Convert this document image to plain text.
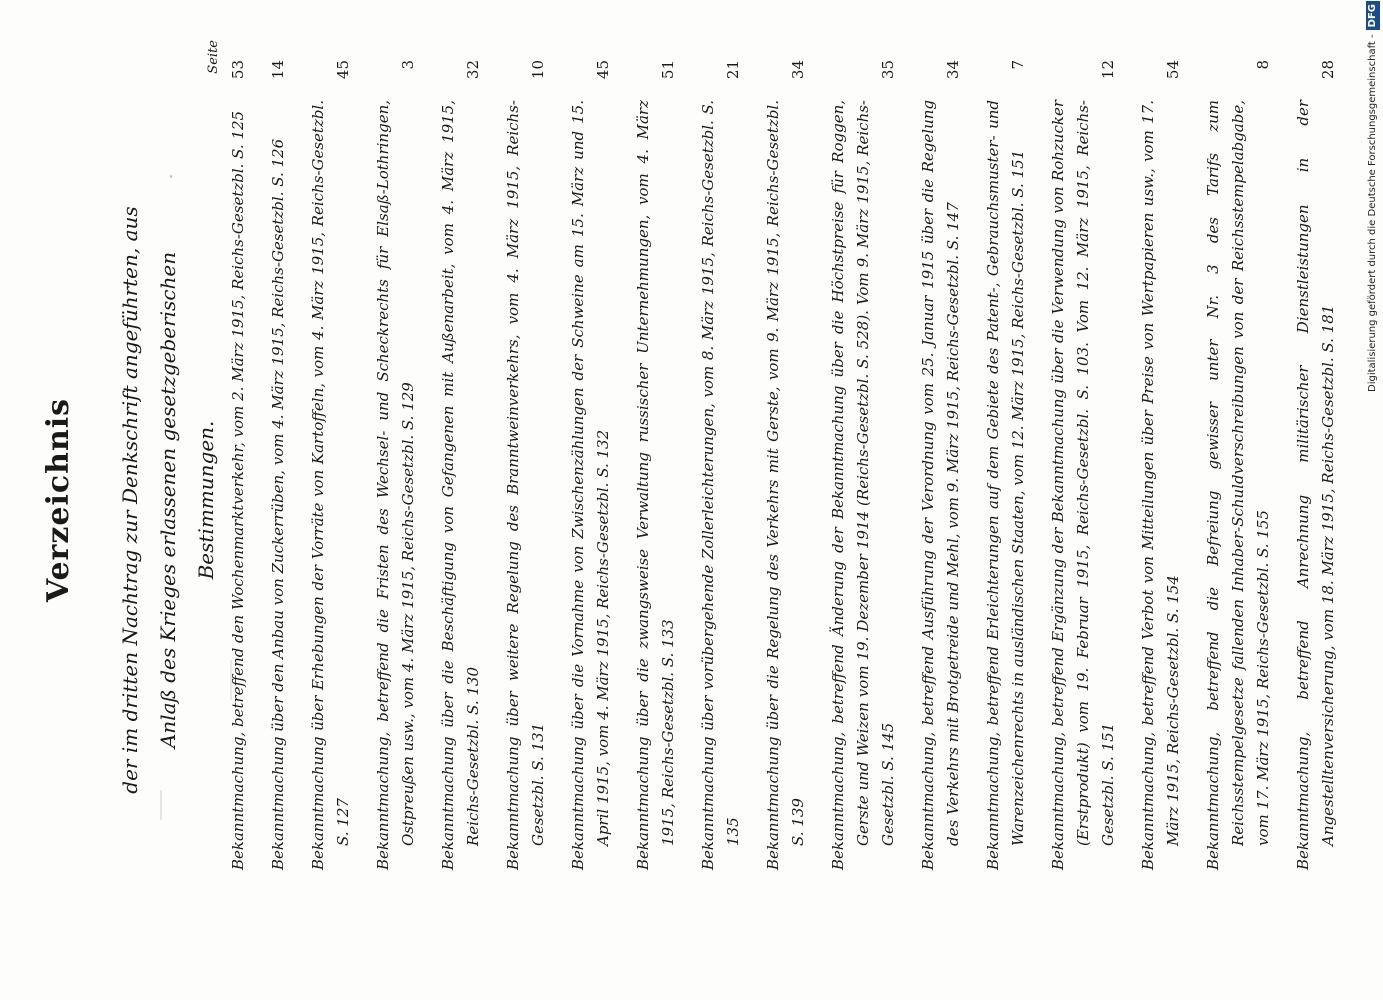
Verzeichnis	der im dritten Nachtrag zur Denkschrift angeführten, aus Anlaß des Krieges erlassenen gesetzgeberischen Bestimmungen.
Seite
Bekanntmachung, betreffend den Wochenmarktverkehr, vom 2. März 1915, Reichs-Gesetzbl. S. 125
53
Bekanntmachung über den Anbau von Zuckerrüben, vom 4. März 1915, Reichs-Gesetzbl. S. 126
14
Bekanntmachung über Erhebungen der Vorräte von Kartoffeln, vom 4. März 1915, Reichs-Gesetzbl. S. 127
45
Bekanntmachung, betreffend die Fristen des Wechsel- und Scheckrechts für Elsaß-Lothringen, Ostpreußen usw., vom 4. März 1915, Reichs-Gesetzbl. S. 129
3
Bekanntmachung über die Beschäftigung von Gefangenen mit Außenarbeit, vom 4. März 1915, Reichs-Gesetzbl. S. 130
32
Bekanntmachung über weitere Regelung des Branntweinverkehrs, vom 4. März 1915, Reichs-Gesetzbl. S. 131
10
Bekanntmachung über die Vornahme von Zwischenzählungen der Schweine am 15. März und 15. April 1915, vom 4. März 1915, Reichs-Gesetzbl. S. 132
45
Bekanntmachung über die zwangsweise Verwaltung russischer Unternehmungen, vom 4. März 1915, Reichs-Gesetzbl. S. 133
51
Bekanntmachung über vorübergehende Zollerleichterungen, vom 8. März 1915, Reichs-Gesetzbl. S. 135
21
Bekanntmachung über die Regelung des Verkehrs mit Gerste, vom 9. März 1915, Reichs-Gesetzbl. S. 139
34
Bekanntmachung, betreffend Änderung der Bekanntmachung über die Höchstpreise für Roggen, Gerste und Weizen vom 19. Dezember 1914 (Reichs-Gesetzbl. S. 528). Vom 9. März 1915, Reichs-Gesetzbl. S. 145
35
Bekanntmachung, betreffend Ausführung der Verordnung vom 25. Januar 1915 über die Regelung des Verkehrs mit Brotgetreide und Mehl, vom 9. März 1915, Reichs-Gesetzbl. S. 147
34
Bekanntmachung, betreffend Erleichterungen auf dem Gebiete des Patent-, Gebrauchsmuster- und Warenzeichenrechts in ausländischen Staaten, vom 12. März 1915, Reichs-Gesetzbl. S. 151
7
Bekanntmachung, betreffend Ergänzung der Bekanntmachung über die Verwendung von Rohzucker (Erstprodukt) vom 19. Februar 1915, Reichs-Gesetzbl. S. 103. Vom 12. März 1915, Reichs-Gesetzbl. S. 151
12
Bekanntmachung, betreffend Verbot von Mitteilungen über Preise von Wertpapieren usw., vom 17. März 1915, Reichs-Gesetzbl. S. 154
54
Bekanntmachung, betreffend die Befreiung gewisser unter Nr. 3 des Tarifs zum Reichsstempelgesetze fallenden Inhaber-Schuldverschreibungen von der Reichsstempelabgabe, vom 17. März 1915, Reichs-Gesetzbl. S. 155
8
Bekanntmachung, betreffend Anrechnung militärischer Dienstleistungen in der Angestelltenversicherung, vom 18. März 1915, Reichs-Gesetzbl. S. 181
28	Digitalisierung gefördert durch die Deutsche Forschungsgemeinschaft -DFG
